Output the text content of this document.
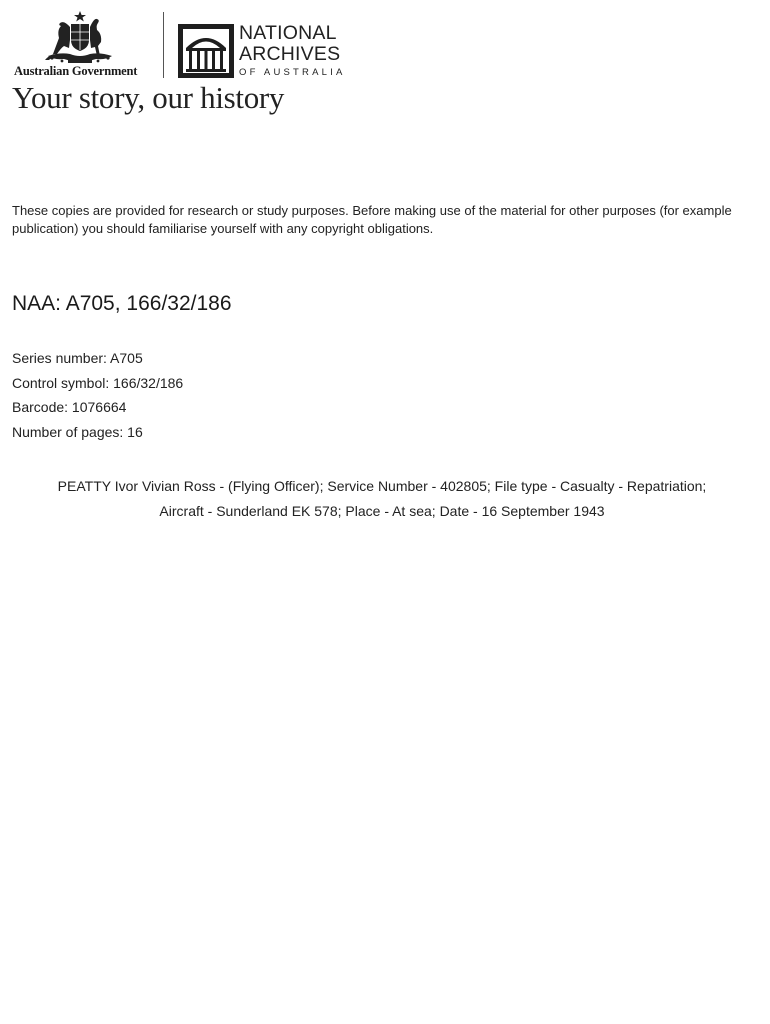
Australian Government
NATIONAL
ARCHIVES
OF AUSTRALIA
Your story, our history
These copies are provided for research or study purposes. Before making use of the material for other purposes (for example publication) you should familiarise yourself with any copyright obligations.
NAA: A705, 166/32/186
Series number: A705
Control symbol: 166/32/186
Barcode: 1076664
Number of pages: 16
PEATTY Ivor Vivian Ross - (Flying Officer); Service Number - 402805; File type - Casualty - Repatriation;
Aircraft - Sunderland EK 578; Place - At sea; Date - 16 September 1943
